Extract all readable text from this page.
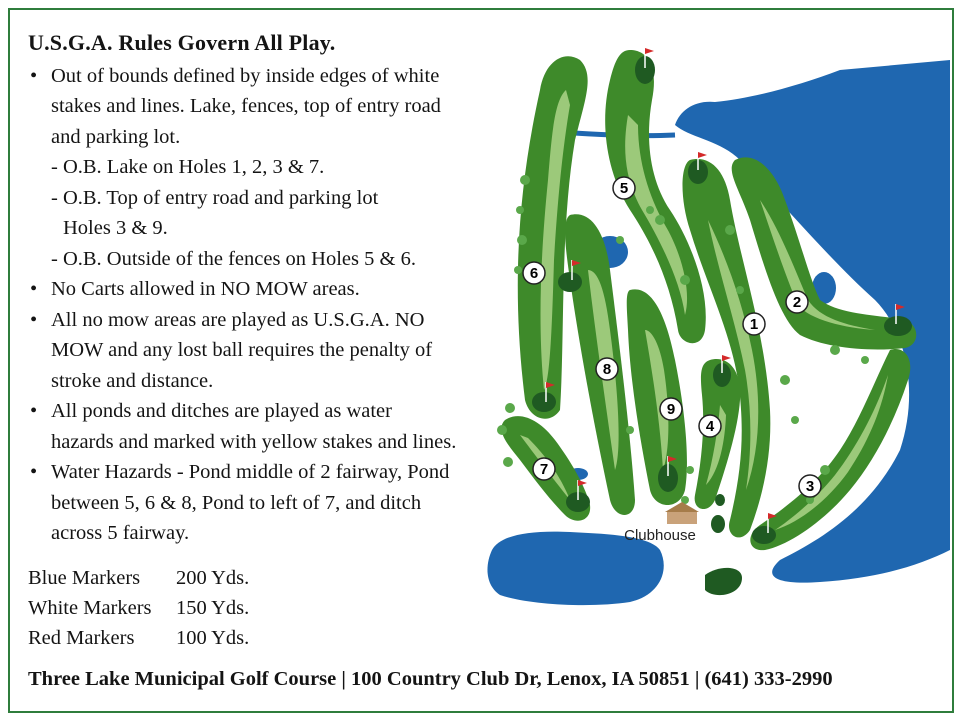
U.S.G.A. Rules Govern All Play.
• Out of bounds defined by inside edges of white
stakes and lines. Lake, fences, top of entry road
and parking lot.
- O.B. Lake on Holes 1, 2, 3 & 7.
- O.B. Top of entry road and parking lot
Holes 3 & 9.
- O.B. Outside of the fences on Holes 5 & 6.
• No Carts allowed in NO MOW areas.
• All no mow areas are played as U.S.G.A. NO
MOW and any lost ball requires the penalty of
stroke and distance.
• All ponds and ditches are played as water
hazards and marked with yellow stakes and lines.
• Water Hazards - Pond middle of 2 fairway, Pond
between 5, 6 & 8, Pond to left of 7, and ditch
across 5 fairway.
Blue Markers	200 Yds.
White Markers	150 Yds.
Red Markers	100 Yds.
Three Lake Municipal Golf Course | 100 Country Club Dr, Lenox, IA 50851 | (641) 333-2990
Clubhouse
1
2
3
4
5
6
7
8
9
